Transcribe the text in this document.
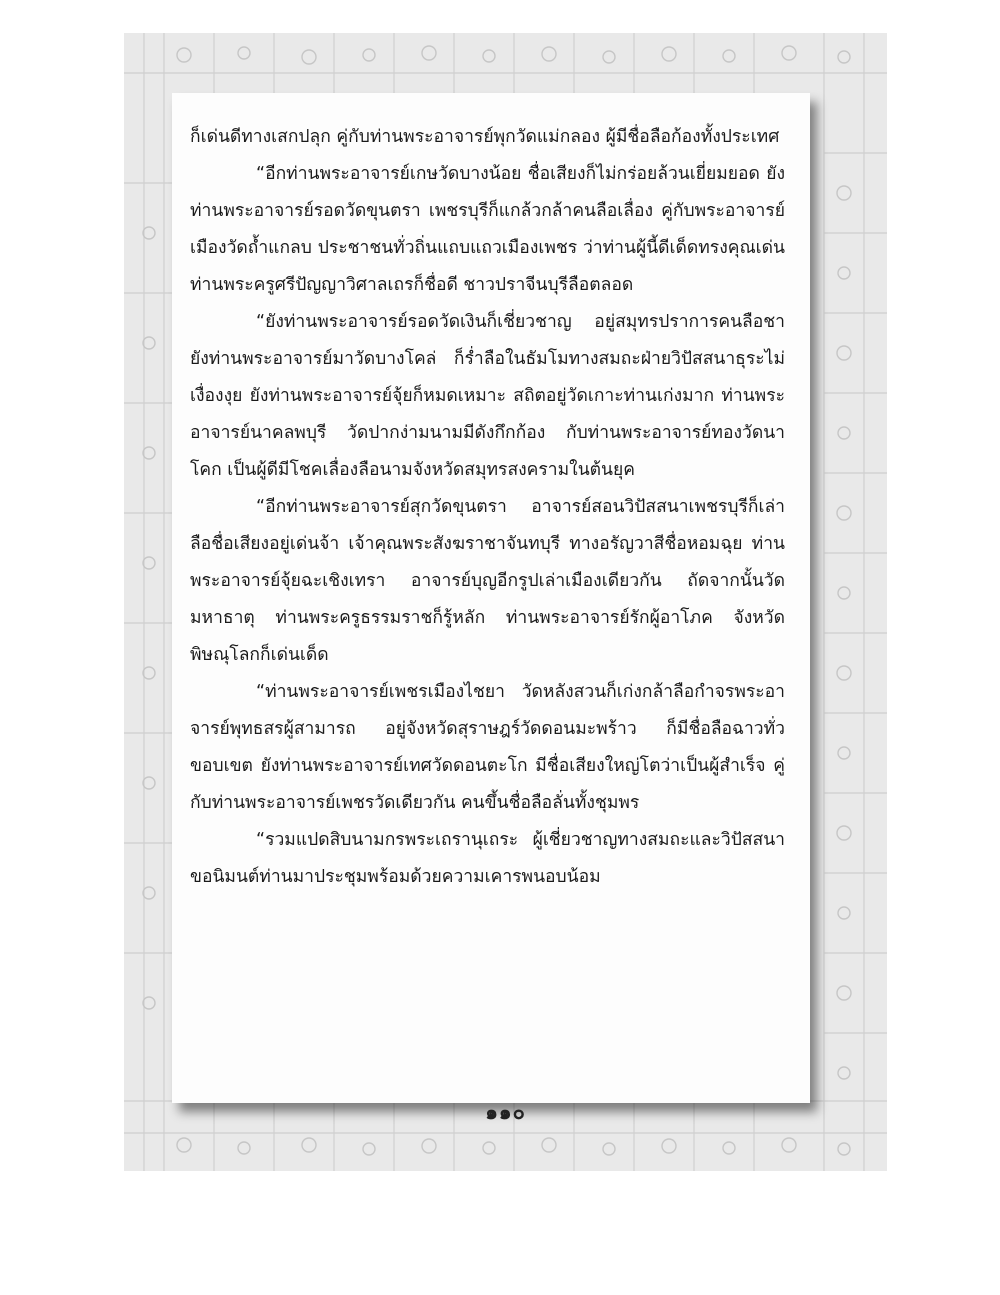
ก็เด่นดีทางเสกปลุก คู่กับท่านพระอาจารย์พุกวัดแม่กลอง ผู้มีชื่อลือก้องทั้งประเทศ

“อีกท่านพระอาจารย์เกษวัดบางน้อย ชื่อเสียงก็ไม่กร่อยล้วนเยี่ยมยอด ยังท่านพระอาจารย์รอดวัดขุนตรา เพชรบุรีก็แกล้วกล้าคนลือเลื่อง คู่กับพระอาจารย์เมืองวัดถ้ำแกลบ ประชาชนทั่วถิ่นแถบแถวเมืองเพชร ว่าท่านผู้นี้ดีเด็ดทรงคุณเด่น ท่านพระครูศรีปัญญาวิศาลเถรก็ชื่อดี ชาวปราจีนบุรีลือตลอด

“ยังท่านพระอาจารย์รอดวัดเงินก็เชี่ยวชาญ อยู่สมุทรปราการคนลือชา ยังท่านพระอาจารย์มาวัดบางโคล่ ก็ร่ำลือในธัมโมทางสมถะฝ่ายวิปัสสนาธุระไม่เงื่องงุย ยังท่านพระอาจารย์จุ้ยก็หมดเหมาะ สถิตอยู่วัดเกาะท่านเก่งมาก ท่านพระอาจารย์นาคลพบุรี วัดปากง่ามนามมีดังกึกก้อง กับท่านพระอาจารย์ทองวัดนาโคก เป็นผู้ดีมีโชคเลื่องลือนามจังหวัดสมุทรสงครามในต้นยุค

“อีกท่านพระอาจารย์สุกวัดขุนตรา อาจารย์สอนวิปัสสนาเพชรบุรีก็เล่าลือชื่อเสียงอยู่เด่นจ้า เจ้าคุณพระสังฆราชาจันทบุรี ทางอรัญวาสีชื่อหอมฉุย ท่านพระอาจารย์จุ้ยฉะเชิงเทรา อาจารย์บุญอีกรูปเล่าเมืองเดียวกัน ถัดจากนั้นวัดมหาธาตุ ท่านพระครูธรรมราชก็รู้หลัก ท่านพระอาจารย์รักผู้อาโภค จังหวัดพิษณุโลกก็เด่นเด็ด

“ท่านพระอาจารย์เพชรเมืองไชยา วัดหลังสวนก็เก่งกล้าลือกำจรพระอาจารย์พุทธสรผู้สามารถ อยู่จังหวัดสุราษฎร์วัดดอนมะพร้าว ก็มีชื่อลือฉาวทั่วขอบเขต ยังท่านพระอาจารย์เทศวัดดอนตะโก มีชื่อเสียงใหญ่โตว่าเป็นผู้สำเร็จ คู่กับท่านพระอาจารย์เพชรวัดเดียวกัน คนขึ้นชื่อลือลั่นทั้งชุมพร

“รวมแปดสิบนามกรพระเถรานุเถระ ผู้เชี่ยวชาญทางสมถะและวิปัสสนา ขอนิมนต์ท่านมาประชุมพร้อมด้วยความเคารพนอบน้อม

๑๑๐
